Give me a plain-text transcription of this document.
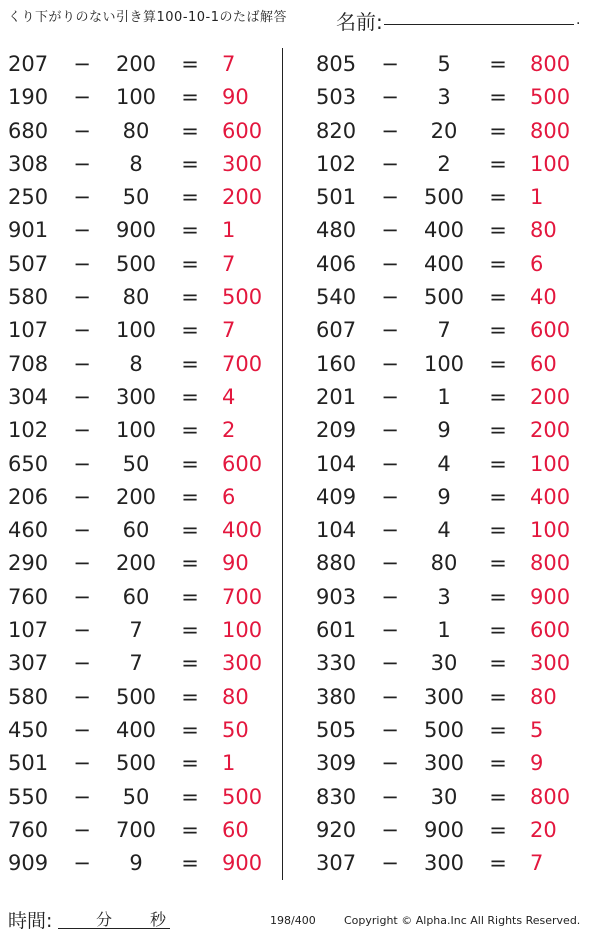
くり下がりのない引き算100-10-1のたば解答 名前:	.
207	−	200	= 7
190	−	100	= 90
680	−	80	= 600
308	−	8	= 300
250	−	50	= 200
901	−	900	= 1
507	−	500	= 7
580	−	80	= 500
107	−	100	= 7
708	−	8	= 700
304	−	300	= 4
102	−	100	= 2
650	−	50	= 600
206	−	200	= 6
460	−	60	= 400
290	−	200	= 90
760	−	60	= 700
107	−	7	= 100
307	−	7	= 300
580	−	500	= 80
450	−	400	= 50
501	−	500	= 1
550	−	50	= 500
760	−	700	= 60
909	−	9	= 900
805	−	5	= 800
503	−	3	= 500
820	−	20	= 800
102	−	2	= 100
501	−	500	= 1
480	−	400	= 80
406	−	400	= 6
540	−	500	= 40
607	−	7	= 600
160	−	100	= 60
201	−	1	= 200
209	−	9	= 200
104	−	4	= 100
409	−	9	= 400
104	−	4	= 100
880	−	80	= 800
903	−	3	= 900
601	−	1	= 600
330	−	30	= 300
380	−	300	= 80
505	−	500	= 5
309	−	300	= 9
830	−	30	= 800
920	−	900	= 20
307	−	300	= 7
時間:	分 秒	198/400	Copyright © Alpha.Inc All Rights Reserved.
